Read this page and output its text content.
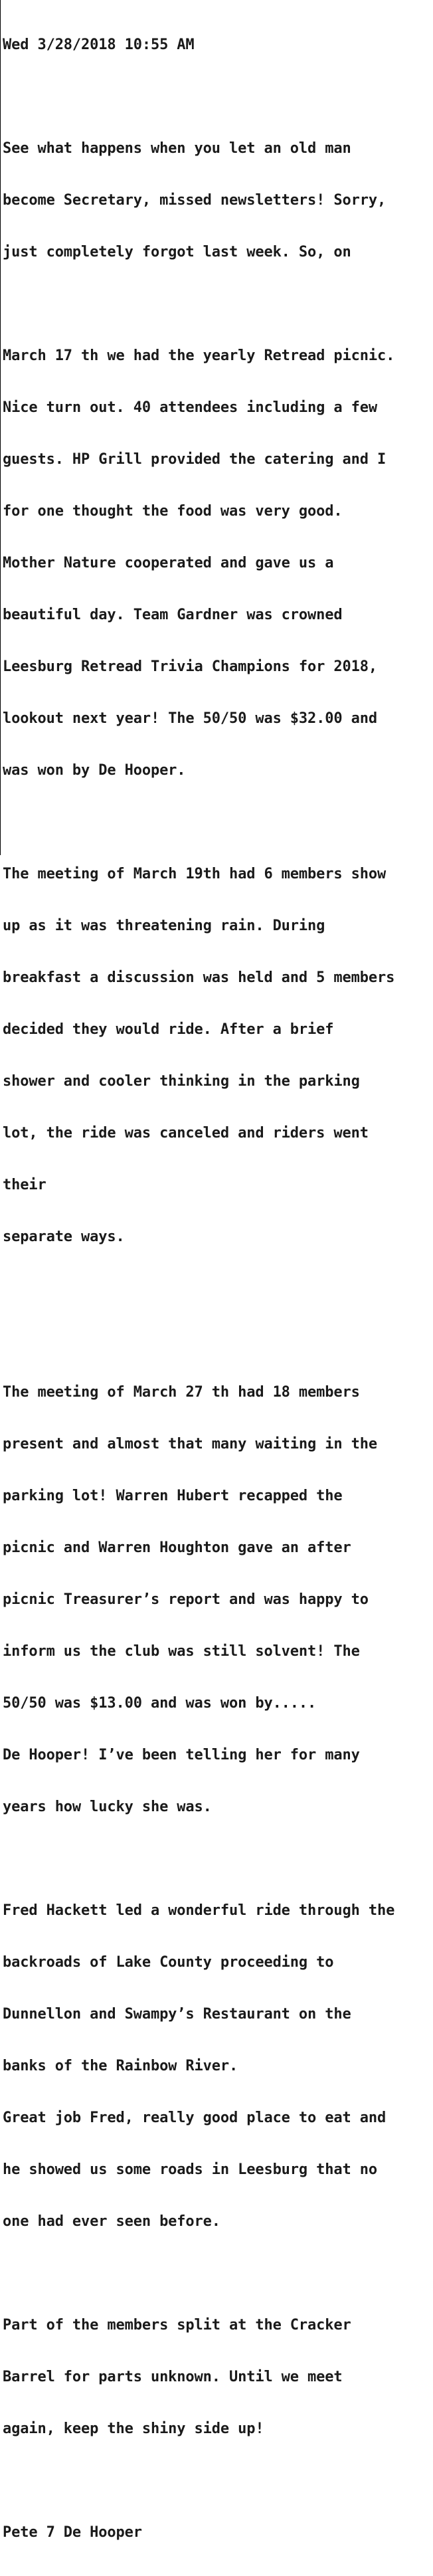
Wed 3/28/2018 10:55 AM

See what happens when you let an old man

become Secretary, missed newsletters! Sorry,

just completely forgot last week. So, on

March 17 th we had the yearly Retread picnic.

Nice turn out. 40 attendees including a few

guests. HP Grill provided the catering and I

for one thought the food was very good.

Mother Nature cooperated and gave us a

beautiful day. Team Gardner was crowned

Leesburg Retread Trivia Champions for 2018,

lookout next year! The 50/50 was $32.00 and

was won by De Hooper.

The meeting of March 19th had 6 members show

up as it was threatening rain. During

breakfast a discussion was held and 5 members

decided they would ride. After a brief

shower and cooler thinking in the parking

lot, the ride was canceled and riders went

their

separate ways.

The meeting of March 27 th had 18 members

present and almost that many waiting in the

parking lot! Warren Hubert recapped the

picnic and Warren Houghton gave an after

picnic Treasurer’s report and was happy to

inform us the club was still solvent! The

50/50 was $13.00 and was won by.....

De Hooper! I’ve been telling her for many

years how lucky she was.

Fred Hackett led a wonderful ride through the

backroads of Lake County proceeding to

Dunnellon and Swampy’s Restaurant on the

banks of the Rainbow River.

Great job Fred, really good place to eat and

he showed us some roads in Leesburg that no

one had ever seen before.

Part of the members split at the Cracker

Barrel for parts unknown. Until we meet

again, keep the shiny side up!

Pete 7 De Hooper
